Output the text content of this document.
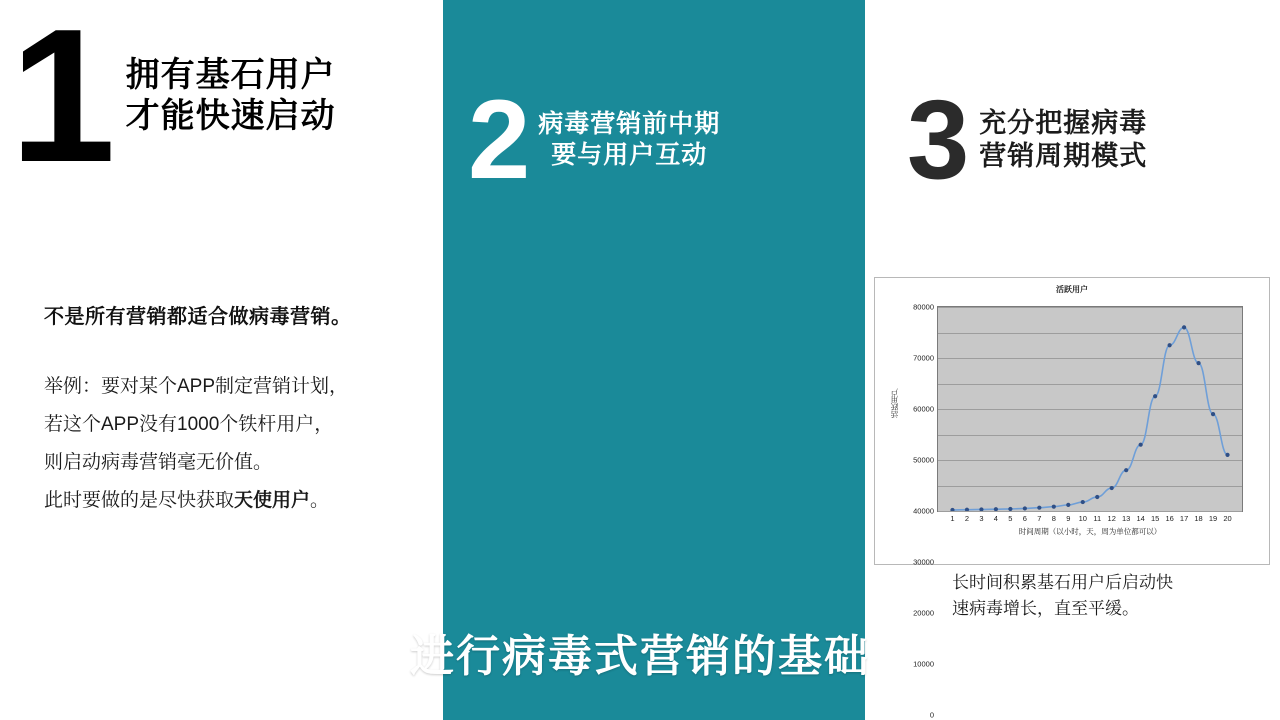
1 拥有基石用户
才能快速启动
不是所有营销都适合做病毒营销。
举例：要对某个APP制定营销计划，
若这个APP没有1000个铁杆用户，
则启动病毒营销毫无价值。
此时要做的是尽快获取天使用户。
2 病毒营销前中期
要与用户互动 3 充分把握病毒
营销周期模式
活跃用户
活跃用户
0
10000
20000
30000
40000
50000
60000
70000
80000
1 2 3 4 5 6 7 8 9 10 11 12 13 14 15 16 17 18 19 20
时间周期（以小时，天，周为单位都可以）
长时间积累基石用户后启动快
速病毒增长，直至平缓。
进行病毒式营销的基础
